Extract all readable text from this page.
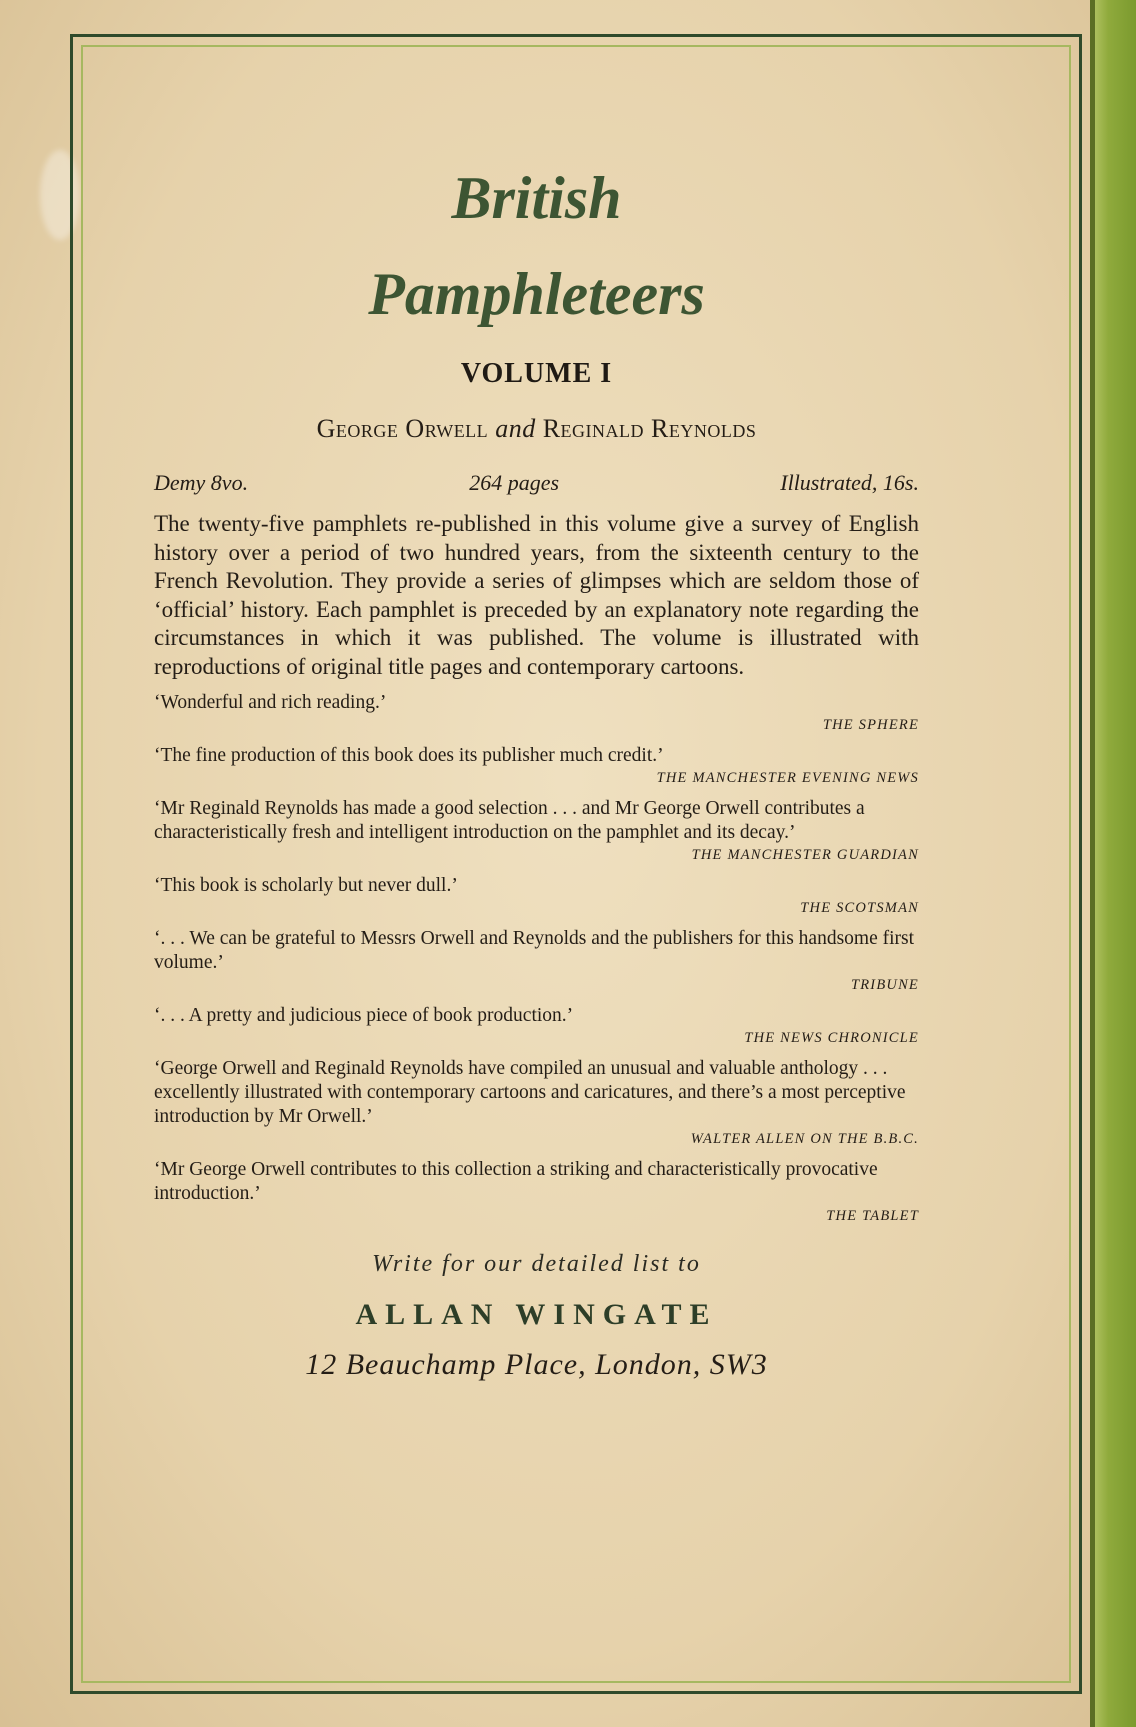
British
Pamphleteers
VOLUME I
George Orwell and Reginald Reynolds
Demy 8vo.	264 pages	Illustrated, 16s.
The twenty-five pamphlets re-published in this volume give a survey of English history over a period of two hundred years, from the sixteenth century to the French Revolution. They provide a series of glimpses which are seldom those of ‘official’ history. Each pamphlet is preceded by an explanatory note regarding the circumstances in which it was published. The volume is illustrated with reproductions of original title pages and contemporary cartoons.
‘Wonderful and rich reading.’
THE SPHERE
‘The fine production of this book does its publisher much credit.’
THE MANCHESTER EVENING NEWS
‘Mr Reginald Reynolds has made a good selection . . . and Mr George Orwell contributes a characteristically fresh and intelligent introduction on the pamphlet and its decay.’
THE MANCHESTER GUARDIAN
‘This book is scholarly but never dull.’
THE SCOTSMAN
‘. . . We can be grateful to Messrs Orwell and Reynolds and the publishers for this handsome first volume.’
TRIBUNE
‘. . . A pretty and judicious piece of book production.’
THE NEWS CHRONICLE
‘George Orwell and Reginald Reynolds have compiled an unusual and valuable anthology . . . excellently illustrated with contemporary cartoons and caricatures, and there’s a most perceptive introduction by Mr Orwell.’
WALTER ALLEN ON THE B.B.C.
‘Mr George Orwell contributes to this collection a striking and characteristically provocative introduction.’
THE TABLET
Write for our detailed list to
ALLAN WINGATE
12 Beauchamp Place, London, SW3
